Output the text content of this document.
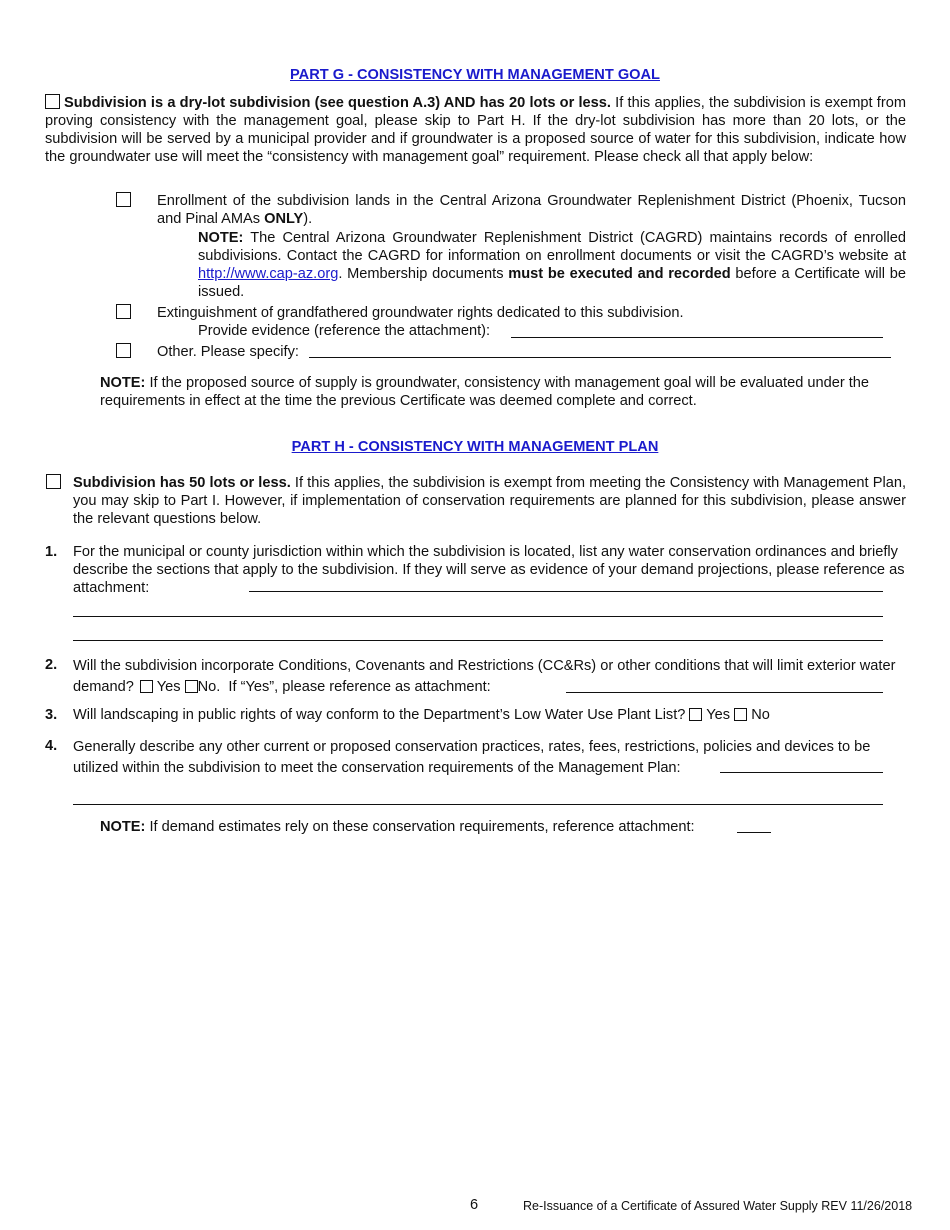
PART G - CONSISTENCY WITH MANAGEMENT GOAL
Subdivision is a dry-lot subdivision (see question A.3) AND has 20 lots or less. If this applies, the subdivision is exempt from proving consistency with the management goal, please skip to Part H. If the dry-lot subdivision has more than 20 lots, or the subdivision will be served by a municipal provider and if groundwater is a proposed source of water for this subdivision, indicate how the groundwater use will meet the “consistency with management goal” requirement. Please check all that apply below:
Enrollment of the subdivision lands in the Central Arizona Groundwater Replenishment District (Phoenix, Tucson and Pinal AMAs ONLY).
NOTE: The Central Arizona Groundwater Replenishment District (CAGRD) maintains records of enrolled subdivisions. Contact the CAGRD for information on enrollment documents or visit the CAGRD’s website at http://www.cap-az.org. Membership documents must be executed and recorded before a Certificate will be issued.
Extinguishment of grandfathered groundwater rights dedicated to this subdivision.
Provide evidence (reference the attachment):
Other. Please specify:
NOTE: If the proposed source of supply is groundwater, consistency with management goal will be evaluated under the requirements in effect at the time the previous Certificate was deemed complete and correct.
PART H - CONSISTENCY WITH MANAGEMENT PLAN
Subdivision has 50 lots or less. If this applies, the subdivision is exempt from meeting the Consistency with Management Plan, you may skip to Part I. However, if implementation of conservation requirements are planned for this subdivision, please answer the relevant questions below.
1. For the municipal or county jurisdiction within which the subdivision is located, list any water conservation ordinances and briefly describe the sections that apply to the subdivision. If they will serve as evidence of your demand projections, please reference as attachment:
2. Will the subdivision incorporate Conditions, Covenants and Restrictions (CC&Rs) or other conditions that will limit exterior water demand? Yes No. If “Yes”, please reference as attachment:
3. Will landscaping in public rights of way conform to the Department’s Low Water Use Plant List? Yes No
4. Generally describe any other current or proposed conservation practices, rates, fees, restrictions, policies and devices to be utilized within the subdivision to meet the conservation requirements of the Management Plan:
NOTE: If demand estimates rely on these conservation requirements, reference attachment:
6	Re-Issuance of a Certificate of Assured Water Supply REV 11/26/2018
